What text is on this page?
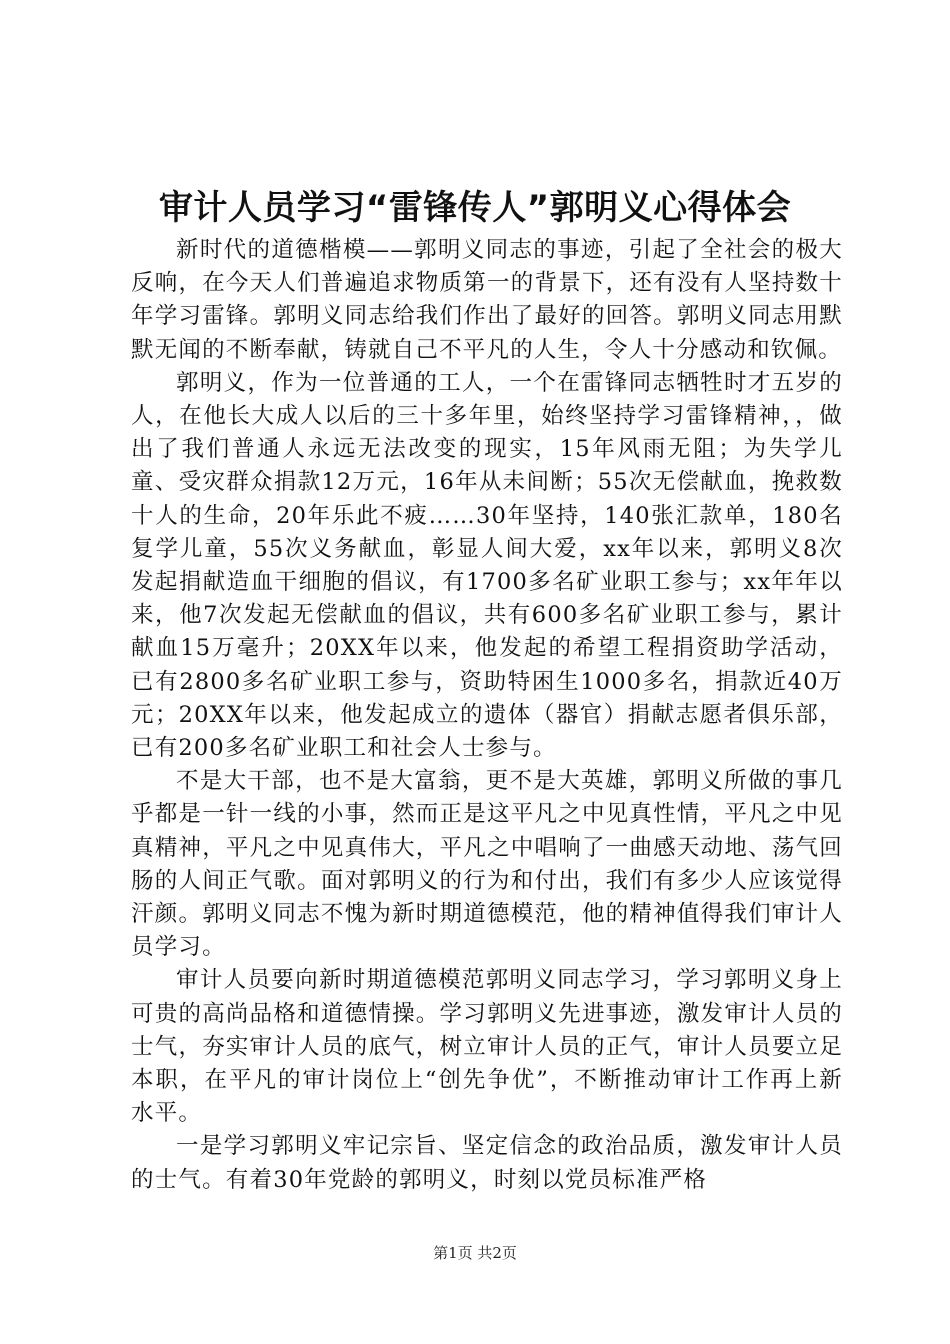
审计人员学习“雷锋传人”郭明义心得体会

新时代的道德楷模——郭明义同志的事迹，引起了全社会的极大反响，在今天人们普遍追求物质第一的背景下，还有没有人坚持数十年学习雷锋。郭明义同志给我们作出了最好的回答。郭明义同志用默默无闻的不断奉献，铸就自己不平凡的人生，令人十分感动和钦佩。

郭明义，作为一位普通的工人，一个在雷锋同志牺牲时才五岁的人，在他长大成人以后的三十多年里，始终坚持学习雷锋精神，，做出了我们普通人永远无法改变的现实，15年风雨无阻；为失学儿童、受灾群众捐款12万元，16年从未间断；55次无偿献血，挽救数十人的生命，20年乐此不疲……30年坚持，140张汇款单，180名复学儿童，55次义务献血，彰显人间大爱，xx年以来，郭明义8次发起捐献造血干细胞的倡议，有1700多名矿业职工参与；xx年年以来，他7次发起无偿献血的倡议，共有600多名矿业职工参与，累计献血15万毫升；20XX年以来，他发起的希望工程捐资助学活动，已有2800多名矿业职工参与，资助特困生1000多名，捐款近40万元；20XX年以来，他发起成立的遗体（器官）捐献志愿者俱乐部，已有200多名矿业职工和社会人士参与。

不是大干部，也不是大富翁，更不是大英雄，郭明义所做的事几乎都是一针一线的小事，然而正是这平凡之中见真性情，平凡之中见真精神，平凡之中见真伟大，平凡之中唱响了一曲感天动地、荡气回肠的人间正气歌。面对郭明义的行为和付出，我们有多少人应该觉得汗颜。郭明义同志不愧为新时期道德模范，他的精神值得我们审计人员学习。

审计人员要向新时期道德模范郭明义同志学习，学习郭明义身上可贵的高尚品格和道德情操。学习郭明义先进事迹，激发审计人员的士气，夯实审计人员的底气，树立审计人员的正气，审计人员要立足本职，在平凡的审计岗位上“创先争优”，不断推动审计工作再上新水平。

一是学习郭明义牢记宗旨、坚定信念的政治品质，激发审计人员的士气。有着30年党龄的郭明义，时刻以党员标准严格

第1页 共2页
